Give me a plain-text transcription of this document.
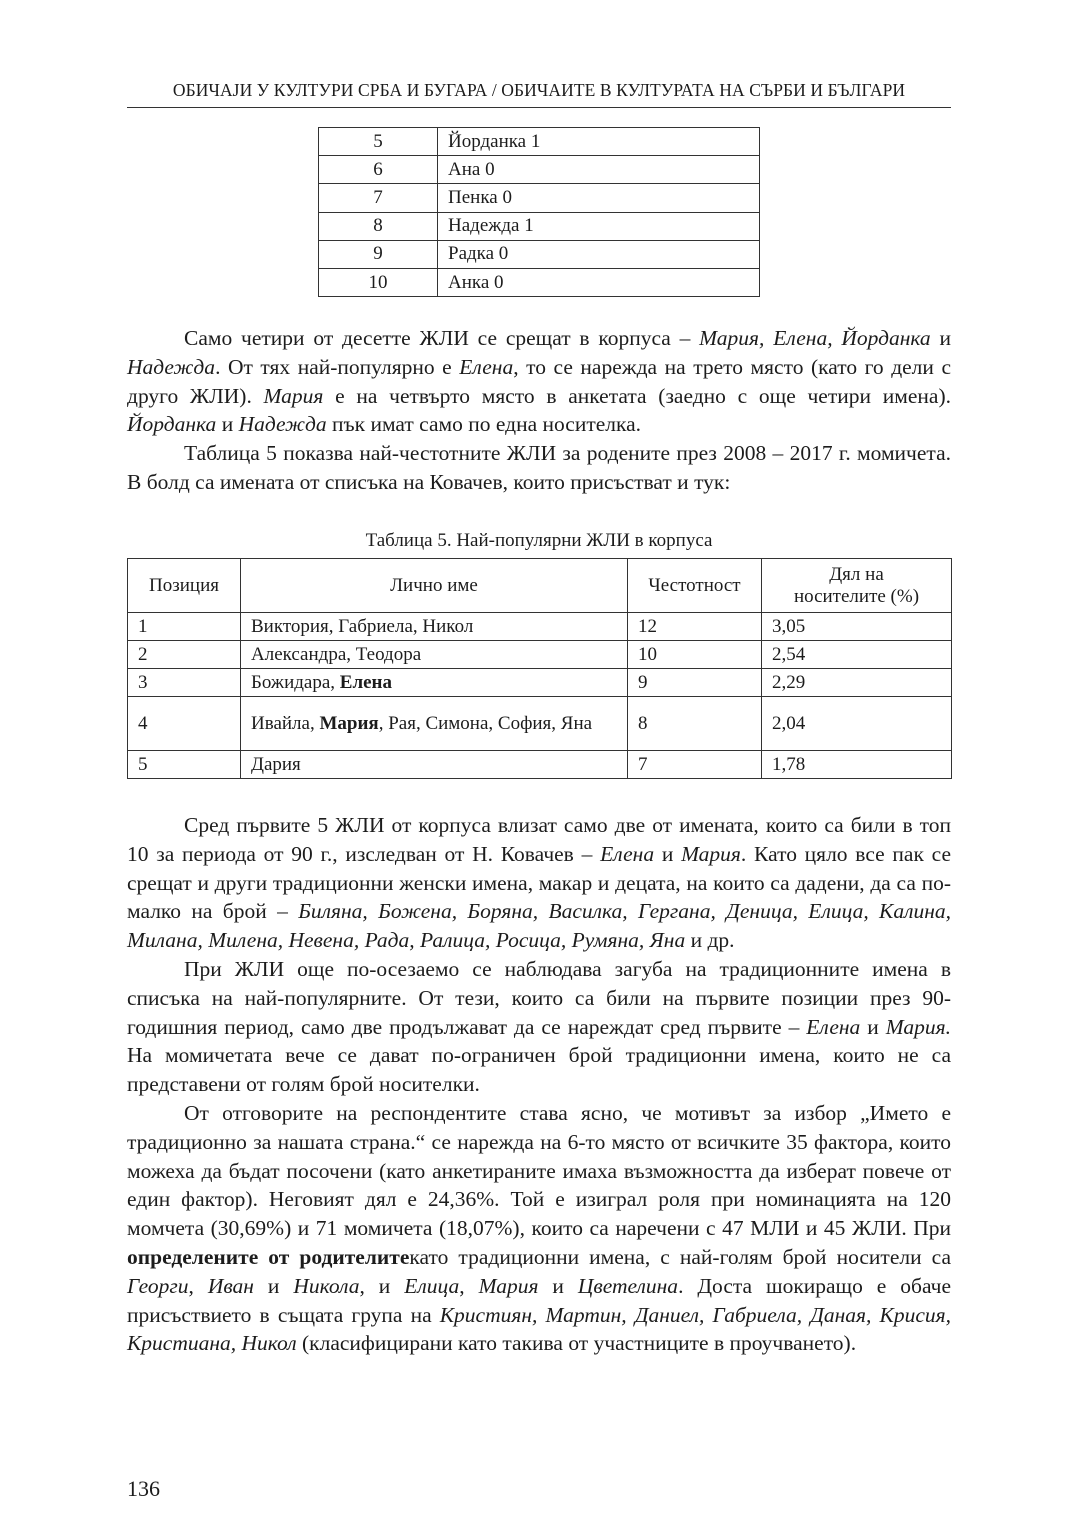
ОБИЧАЈИ У КУЛТУРИ СРБА И БУГАРА / ОБИЧАИТЕ В КУЛТУРАТА НА СЪРБИ И БЪЛГАРИ
5	Йорданка 1
6	Ана 0
7	Пенка 0
8	Надежда 1
9	Радка 0
10	Анка 0

Само четири от десетте ЖЛИ се срещат в корпуса – Мария, Елена, Йорданка и Надежда. От тях най-популярно е Елена, то се нарежда на трето място (като го дели с друго ЖЛИ). Мария е на четвърто място в анкетата (заедно с още четири имена). Йорданка и Надежда пък имат само по една носителка.

Таблица 5 показва най-честотните ЖЛИ за родените през 2008 – 2017 г. момичета. В болд са имената от списъка на Ковачев, които присъстват и тук:

Таблица 5. Най-популярни ЖЛИ в корпуса
Позиция	Лично име	Честотност	Дял на
носителите (%)
1	Виктория, Габриела, Никол	12	3,05
2	Александра, Теодора	10	2,54
3	Божидара, Елена	9	2,29
4	Ивайла, Мария, Рая, Симона, София, Яна	8	2,04
5	Дария	7	1,78

Сред първите 5 ЖЛИ от корпуса влизат само две от имената, които са били в топ 10 за периода от 90 г., изследван от Н. Ковачев – Елена и Мария. Като цяло все пак се срещат и други традиционни женски имена, макар и децата, на които са дадени, да са по-малко на брой – Биляна, Божена, Боряна, Василка, Гергана, Деница, Елица, Калина, Милана, Милена, Невена, Рада, Ралица, Росица, Румяна, Яна и др.

При ЖЛИ още по-осезаемо се наблюдава загуба на традиционните имена в списъка на най-популярните. От тези, които са били на първите позиции през 90-годишния период, само две продължават да се нареждат сред първите – Елена и Мария. На момичетата вече се дават по-ограничен брой традиционни имена, които не са представени от голям брой носителки.

От отговорите на респондентите става ясно, че мотивът за избор „Името е традиционно за нашата страна.“ се нарежда на 6-то място от всичките 35 фактора, които можеха да бъдат посочени (като анкетираните имаха възможността да изберат повече от един фактор). Неговият дял е 24,36%. Той е изиграл роля при номинацията на 120 момчета (30,69%) и 71 момичета (18,07%), които са наречени с 47 МЛИ и 45 ЖЛИ. При определените от родителитекато традиционни имена, с най-голям брой носители са Георги, Иван и Никола, и Елица, Мария и Цветелина. Доста шокиращо е обаче присъствието в същата група на Кристиян, Мартин, Даниел, Габриела, Даная, Крисия, Кристиана, Никол (класифицирани като такива от участниците в проучването).

136
